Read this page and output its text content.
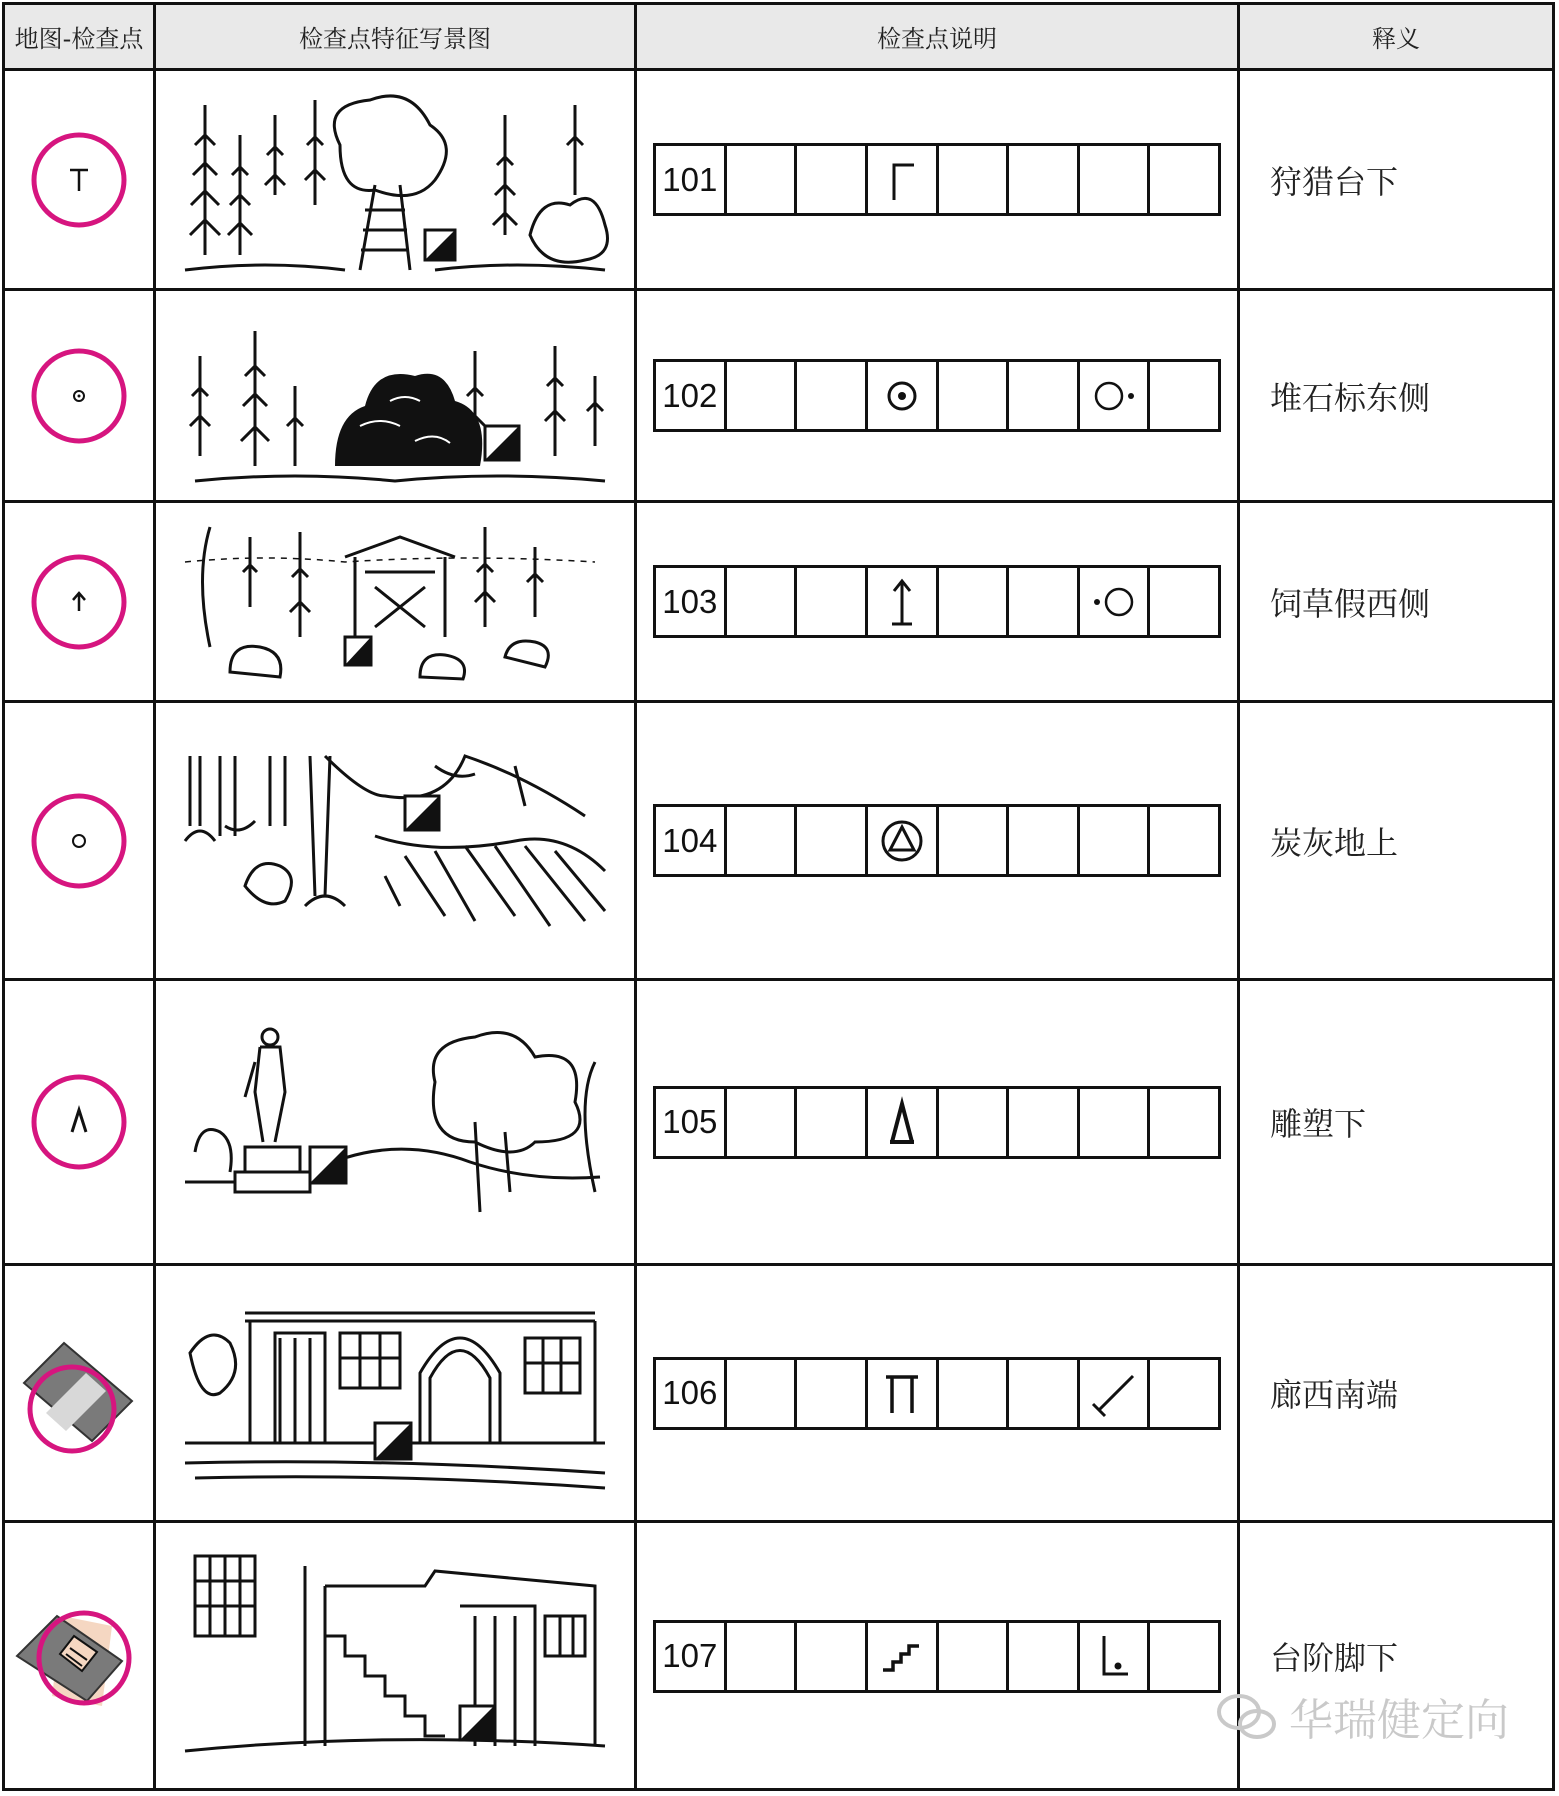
地图-检查点	检查点特征写景图	检查点说明	释义
101	狩猎台下
102	堆石标东侧
103	饲草假西侧
104	炭灰地上
105	雕塑下
106	廊西南端
107	台阶脚下
华瑞健定向
